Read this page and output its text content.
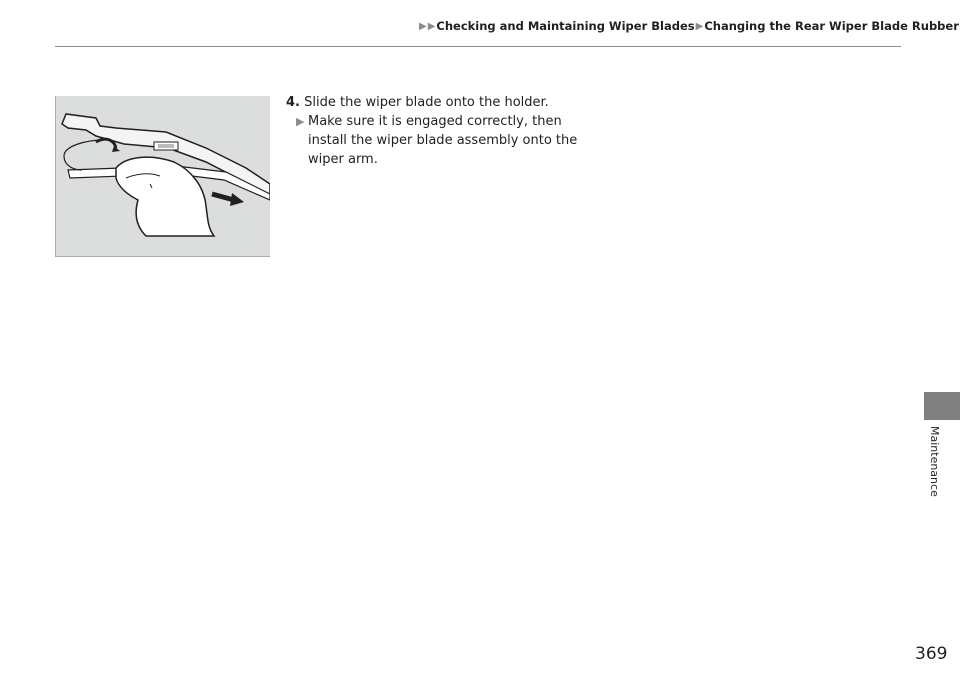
▶ ▶ Checking and Maintaining Wiper Blades ▶ Changing the Rear Wiper Blade Rubber
4. Slide the wiper blade onto the holder.
▶ Make sure it is engaged correctly, then
install the wiper blade assembly onto the
wiper arm.
Maintenance
369
